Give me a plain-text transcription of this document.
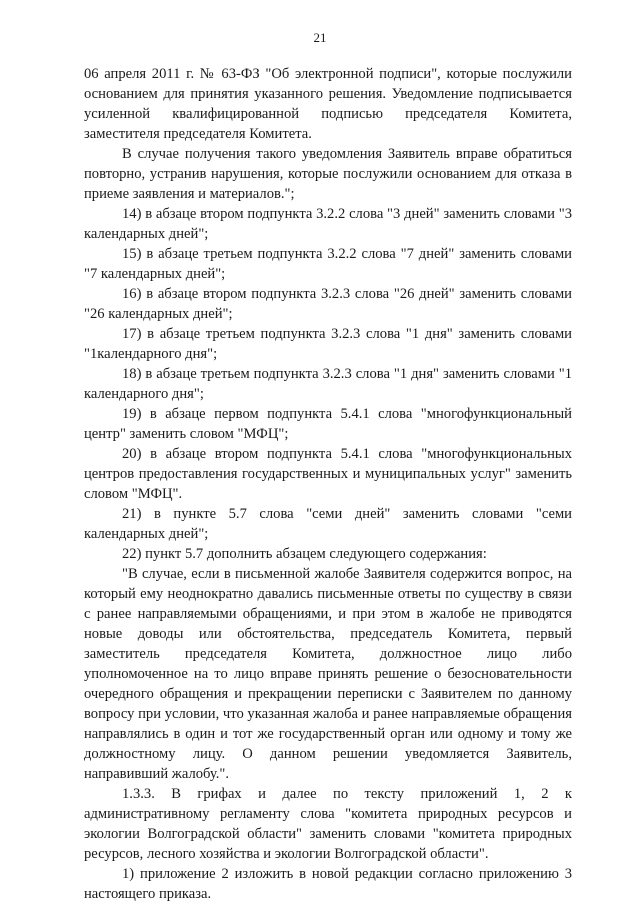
21

06 апреля 2011 г. № 63-ФЗ "Об электронной подписи", которые послужили основанием для принятия указанного решения. Уведомление подписывается усиленной квалифицированной подписью председателя Комитета, заместителя председателя Комитета.

В случае получения такого уведомления Заявитель вправе обратиться повторно, устранив нарушения, которые послужили основанием для отказа в приеме заявления и материалов.";

14) в абзаце втором подпункта 3.2.2 слова "3 дней" заменить словами "3 календарных дней";

15) в абзаце третьем подпункта 3.2.2 слова "7 дней" заменить словами "7 календарных дней";

16) в абзаце втором подпункта 3.2.3 слова "26 дней" заменить словами "26 календарных дней";

17) в абзаце третьем подпункта 3.2.3 слова "1 дня" заменить словами "1календарного дня";

18) в абзаце третьем подпункта 3.2.3 слова "1 дня" заменить словами "1 календарного дня";

19) в абзаце первом подпункта 5.4.1 слова "многофункциональный центр" заменить словом "МФЦ";

20) в абзаце втором подпункта 5.4.1 слова "многофункциональных центров предоставления государственных и муниципальных услуг" заменить словом "МФЦ".

21) в пункте 5.7 слова "семи дней" заменить словами "семи календарных дней";

22) пункт 5.7 дополнить абзацем следующего содержания:

"В случае, если в письменной жалобе Заявителя содержится вопрос, на который ему неоднократно давались письменные ответы по существу в связи с ранее направляемыми обращениями, и при этом в жалобе не приводятся новые доводы или обстоятельства, председатель Комитета, первый заместитель председателя Комитета, должностное лицо либо уполномоченное на то лицо вправе принять решение о безосновательности очередного обращения и прекращении переписки с Заявителем по данному вопросу при условии, что указанная жалоба и ранее направляемые обращения направлялись в один и тот же государственный орган или одному и тому же должностному лицу. О данном решении уведомляется Заявитель, направивший жалобу.".

1.3.3. В грифах и далее по тексту приложений 1, 2 к административному регламенту слова "комитета природных ресурсов и экологии Волгоградской области" заменить словами "комитета природных ресурсов, лесного хозяйства и экологии Волгоградской области".

1) приложение 2 изложить в новой редакции согласно приложению 3 настоящего приказа.
